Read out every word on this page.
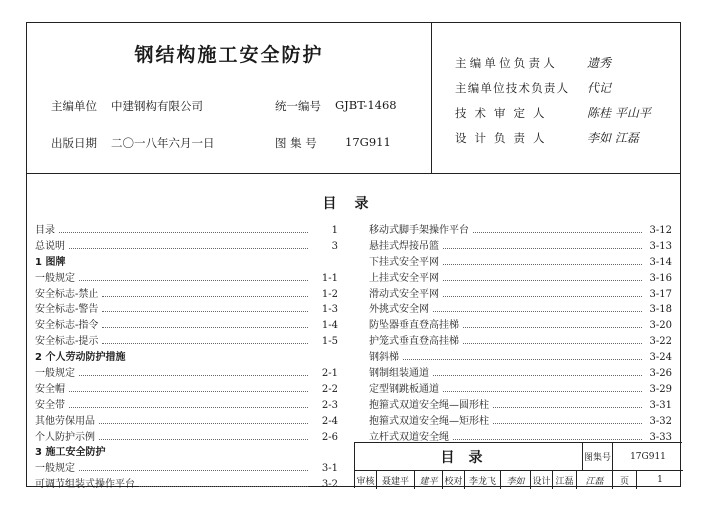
钢结构施工安全防护
主编单位 中建钢构有限公司	统一编号 GJBT-1468
出版日期 二〇一八年六月一日	图 集 号 17G911
主编单位负责人 遗秀
主编单位技术负责人 代记
技术审定人	陈桂 平山平
设计负责人	李如 江磊
目录
目录	1
总说明	3
1 图牌
一般规定	1-1
安全标志-禁止	1-2
安全标志-警告	1-3
安全标志-指令	1-4
安全标志-提示	1-5
2 个人劳动防护措施
一般规定	2-1
安全帽	2-2
安全带	2-3
其他劳保用品	2-4
个人防护示例	2-6
3 施工安全防护
一般规定	3-1
可调节组装式操作平台	3-2
移动式脚手架操作平台	3-12
悬挂式焊接吊篮	3-13
下挂式安全平网	3-14
上挂式安全平网	3-16
滑动式安全平网	3-17
外挑式安全网	3-18
防坠器垂直登高挂梯	3-20
护笼式垂直登高挂梯	3-22
钢斜梯	3-24
钢制组装通道	3-26
定型钢跳板通道	3-29
抱箍式双道安全绳—圆形柱	3-31
抱箍式双道安全绳—矩形柱	3-32
立杆式双道安全绳	3-33
目录	图集号	17G911
审核 聂建平	建平 校对 李龙飞	李如 设计 江磊	江磊	页	1
